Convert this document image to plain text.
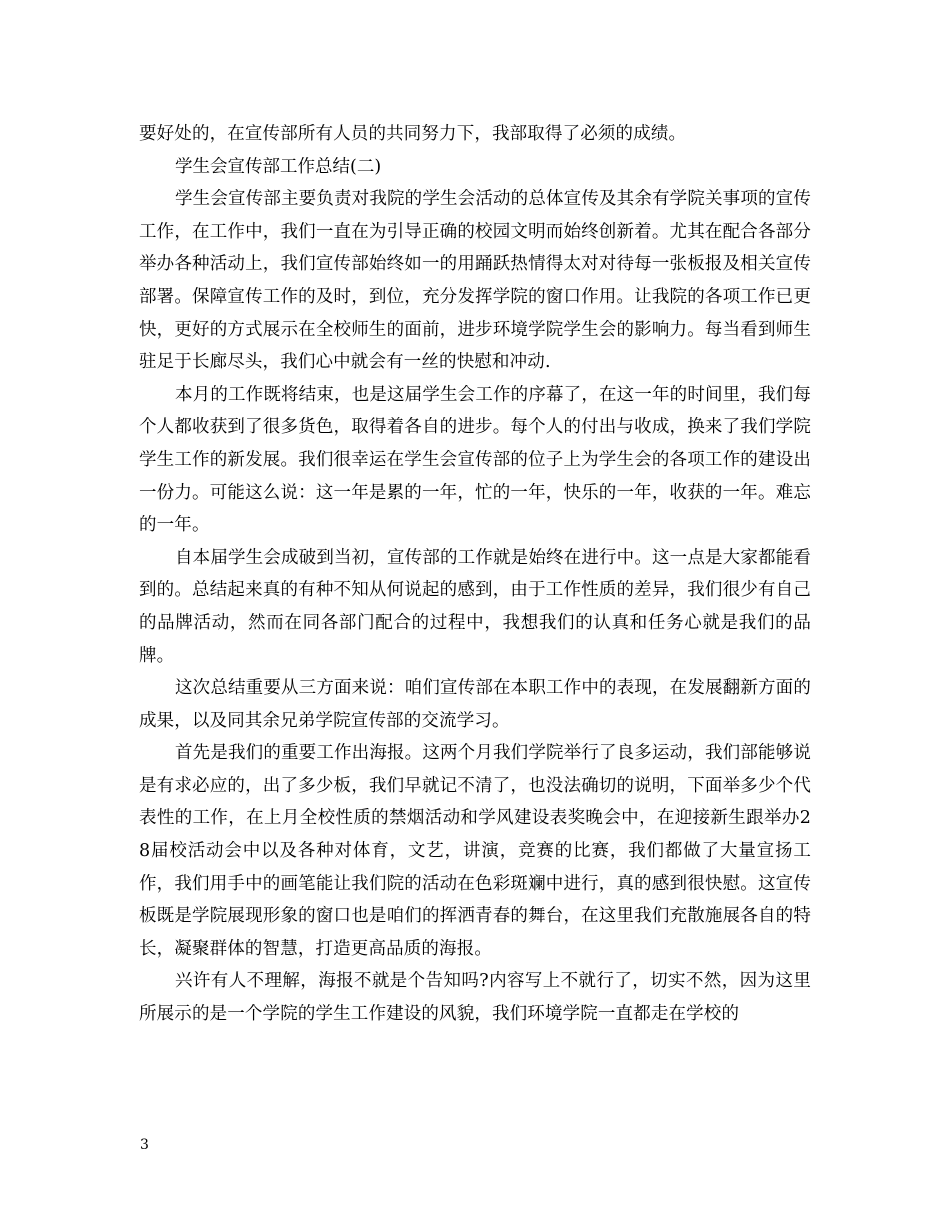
要好处的，在宣传部所有人员的共同努力下，我部取得了必须的成绩。

学生会宣传部工作总结(二)

学生会宣传部主要负责对我院的学生会活动的总体宣传及其余有学院关事项的宣传工作，在工作中，我们一直在为引导正确的校园文明而始终创新着。尤其在配合各部分举办各种活动上，我们宣传部始终如一的用踊跃热情得太对对待每一张板报及相关宣传部署。保障宣传工作的及时，到位，充分发挥学院的窗口作用。让我院的各项工作已更快，更好的方式展示在全校师生的面前，进步环境学院学生会的影响力。每当看到师生驻足于长廊尽头，我们心中就会有一丝的快慰和冲动.

本月的工作既将结束，也是这届学生会工作的序幕了，在这一年的时间里，我们每个人都收获到了很多货色，取得着各自的进步。每个人的付出与收成，换来了我们学院学生工作的新发展。我们很幸运在学生会宣传部的位子上为学生会的各项工作的建设出一份力。可能这么说：这一年是累的一年，忙的一年，快乐的一年，收获的一年。难忘的一年。

自本届学生会成破到当初，宣传部的工作就是始终在进行中。这一点是大家都能看到的。总结起来真的有种不知从何说起的感到，由于工作性质的差异，我们很少有自己的品牌活动，然而在同各部门配合的过程中，我想我们的认真和任务心就是我们的品牌。

这次总结重要从三方面来说：咱们宣传部在本职工作中的表现，在发展翻新方面的成果，以及同其余兄弟学院宣传部的交流学习。

首先是我们的重要工作出海报。这两个月我们学院举行了良多运动，我们部能够说是有求必应的，出了多少板，我们早就记不清了，也没法确切的说明，下面举多少个代表性的工作，在上月全校性质的禁烟活动和学风建设表奖晚会中，在迎接新生跟举办28届校活动会中以及各种对体育，文艺，讲演，竞赛的比赛，我们都做了大量宣扬工作，我们用手中的画笔能让我们院的活动在色彩斑斓中进行，真的感到很快慰。这宣传板既是学院展现形象的窗口也是咱们的挥洒青春的舞台，在这里我们充散施展各自的特长，凝聚群体的智慧，打造更高品质的海报。

兴许有人不理解，海报不就是个告知吗?内容写上不就行了，切实不然，因为这里所展示的是一个学院的学生工作建设的风貌，我们环境学院一直都走在学校的

3
